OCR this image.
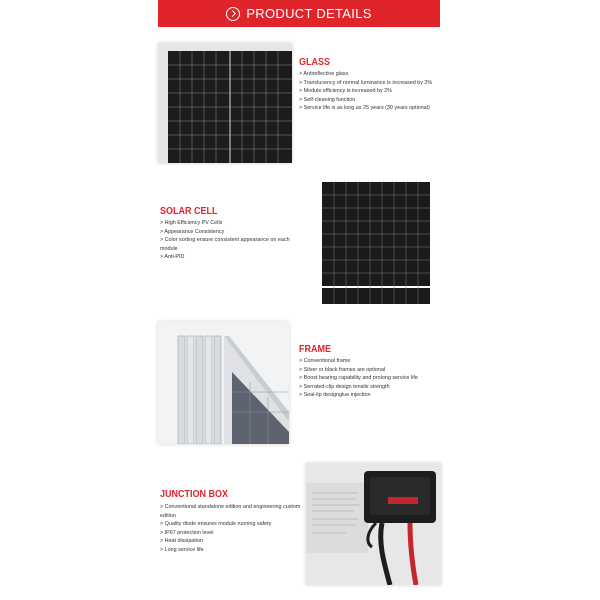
PRODUCT DETAILS
GLASS
> Antireflective glass
> Translucency of normal luminance is increased by 2%
> Module efficiency is increased by 2%
> Self-cleaning function
> Service life is as long as 25 years (30 years optional)
SOLAR CELL
> High Efficiency PV Cells
> Appearance Consistency
> Color sorting ensure consistent appearance on each module
> Anti-PID
FRAME
> Conventional frame
> Silver or black frames are optional
> Boost bearing capability and prolong service life
> Serrated-clip design tensile strength
> Seal-lip designglue injection
JUNCTION BOX
> Conventional standalone edition and engineering custom edition
> Quality diode ensures module running safety
> IP67 protection level
> Heat dissipation
> Long service life
